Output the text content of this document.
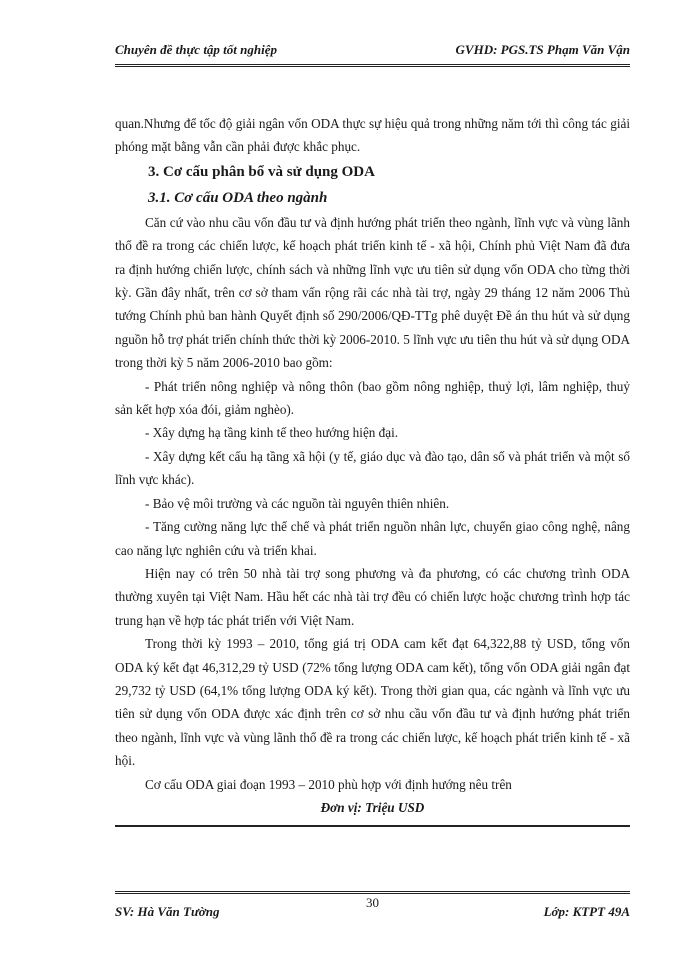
Chuyên đề thực tập tốt nghiệp	GVHD: PGS.TS Phạm Văn Vận

quan.Nhưng để tốc độ giải ngân vốn ODA thực sự hiệu quả trong những năm tới thì công tác giải phóng mặt bằng vẫn cần phải được khắc phục.

3. Cơ cấu phân bổ và sử dụng ODA

3.1. Cơ cấu ODA theo ngành

Căn cứ vào nhu cầu vốn đầu tư và định hướng phát triển theo ngành, lĩnh vực và vùng lãnh thổ đề ra trong các chiến lược, kế hoạch phát triển kinh tế - xã hội, Chính phủ Việt Nam đã đưa ra định hướng chiến lược, chính sách và những lĩnh vực ưu tiên sử dụng vốn ODA cho từng thời kỳ. Gần đây nhất, trên cơ sở tham vấn rộng rãi các nhà tài trợ, ngày 29 tháng 12 năm 2006 Thủ tướng Chính phủ ban hành Quyết định số 290/2006/QĐ-TTg phê duyệt Đề án thu hút và sử dụng nguồn hỗ trợ phát triển chính thức thời kỳ 2006-2010. 5 lĩnh vực ưu tiên thu hút và sử dụng ODA trong thời kỳ 5 năm 2006-2010 bao gồm:

- Phát triển nông nghiệp và nông thôn (bao gồm nông nghiệp, thuỷ lợi, lâm nghiệp, thuỷ sản kết hợp xóa đói, giảm nghèo).

- Xây dựng hạ tầng kinh tế theo hướng hiện đại.

- Xây dựng kết cấu hạ tầng xã hội (y tế, giáo dục và đào tạo, dân số và phát triển và một số lĩnh vực khác).

- Bảo vệ môi trường và các nguồn tài nguyên thiên nhiên.

- Tăng cường năng lực thể chế và phát triển nguồn nhân lực, chuyển giao công nghệ, nâng cao năng lực nghiên cứu và triển khai.

Hiện nay có trên 50 nhà tài trợ song phương và đa phương, có các chương trình ODA thường xuyên tại Việt Nam. Hầu hết các nhà tài trợ đều có chiến lược hoặc chương trình hợp tác trung hạn về hợp tác phát triển với Việt Nam.

Trong thời kỳ 1993 – 2010, tổng giá trị ODA cam kết đạt 64,322,88 tỷ USD, tổng vốn ODA ký kết đạt 46,312,29 tỷ USD (72% tổng lượng ODA cam kết), tổng vốn ODA giải ngân đạt 29,732 tỷ USD (64,1% tổng lượng ODA ký kết). Trong thời gian qua, các ngành và lĩnh vực ưu tiên sử dụng vốn ODA được xác định trên cơ sở nhu cầu vốn đầu tư và định hướng phát triển theo ngành, lĩnh vực và vùng lãnh thổ đề ra trong các chiến lược, kế hoạch phát triển kinh tế - xã hội.

Cơ cấu ODA giai đoạn 1993 – 2010 phù hợp với định hướng nêu trên

Đơn vị: Triệu USD

SV: Hà Văn Tường
30
Lớp: KTPT 49A
